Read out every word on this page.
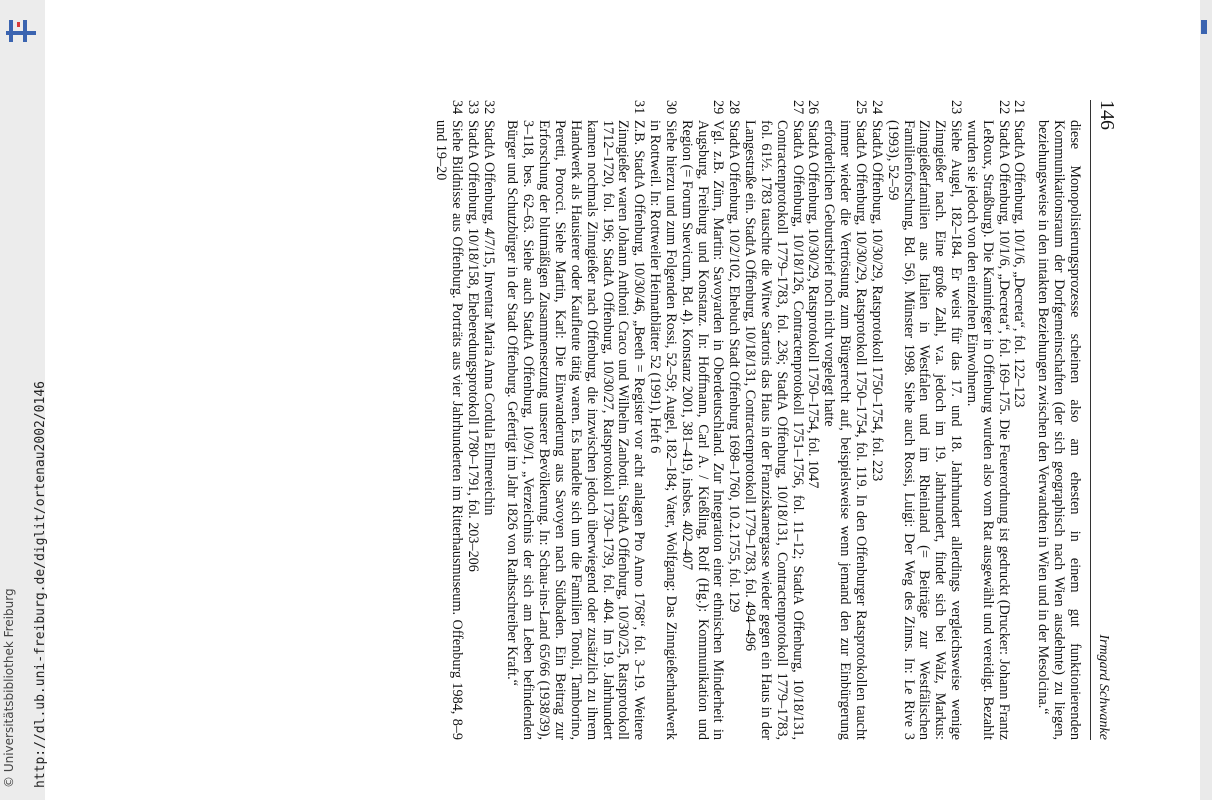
© Universitätsbibliothek Freiburg http://dl.ub.uni-freiburg.de/diglit/ortenau2002/0146
146
Irmgard Schwanke
diese Monopolisierungsprozesse scheinen also am ehesten in einem gut funktionierenden Kommunikationsraum der Dorfgemeinschaften (der sich geographisch nach Wien ausdehnte) zu liegen, beziehungsweise in den intakten Beziehungen zwischen den Verwandten in Wien und in der Mesolcina.“
21
StadtA Offenburg, 10/1/6, „Decreta“, fol. 122–123
22
StadtA Offenburg, 10/1/6, „Decreta“, fol. 169–175. Die Feuerordnung ist gedruckt (Drucker: Johann Frantz LeRoux, Straßburg). Die Kaminfeger in Offenburg wurden also vom Rat ausgewählt und vereidigt. Bezahlt wurden sie jedoch von den einzelnen Einwohnern.
23
Siehe Augel, 182–184. Er weist für das 17. und 18. Jahrhundert allerdings vergleichsweise wenige Zinngießer nach. Eine große Zahl, v.a. jedoch im 19. Jahrhundert, findet sich bei Walz, Markus: Zinngießerfamilien aus Italien in Westfalen und im Rheinland (= Beiträge zur Westfälischen Familienforschung, Bd. 56). Münster 1998. Siehe auch Rossi, Luigi: Der Weg des Zinns. In: Le Rive 3 (1993), 52–59
24
StadtA Offenburg, 10/30/29, Ratsprotokoll 1750–1754, fol. 223
25
StadtA Offenburg, 10/30/29, Ratsprotokoll 1750–1754, fol. 119. In den Offenburger Ratsprotokollen taucht immer wieder die Vertröstung zum Bürgerrecht auf, beispielsweise wenn jemand den zur Einbürgerung erforderlichen Geburtsbrief noch nicht vorgelegt hatte
26
StadtA Offenburg, 10/30/29, Ratsprotokoll 1750–1754, fol. 1047
27
StadtA Offenburg, 10/18/126, Contractenprotokoll 1751–1756, fol. 11–12; StadtA Offenburg, 10/18/131, Contractenprotokoll 1779–1783, fol. 236; StadtA Offenburg, 10/18/131, Contractenprotokoll 1779–1783, fol. 61½. 1783 tauschte die Witwe Sartoris das Haus in der Franziskanergasse wieder gegen ein Haus in der Langestraße ein. StadtA Offenburg, 10/18/131, Contractenprotokoll 1779–1783, fol. 494–496
28
StadtA Offenburg, 10/2/102, Ehebuch Stadt Offenburg 1698–1760, 10.2.1755, fol. 129
29
Vgl. z.B. Zürn, Martin: Savoyarden in Oberdeutschland. Zur Integration einer ethnischen Minderheit in Augsburg, Freiburg und Konstanz. In: Hoffmann, Carl A. / Kießling, Rolf (Hg.): Kommunikation und Region (= Forum Suevicum, Bd. 4). Konstanz 2001, 381–419, insbes. 402–407
30
Siehe hierzu und zum Folgenden Rossi, 52–59; Augel, 182–184; Vater, Wolfgang: Das Zinngießerhandwerk in Rottweil. In: Rottweiler Heimatblätter 52 (1991), Heft 6
31
Z.B. StadtA Offenburg, 10/30/46, „Beeth = Register vor acht anlagen Pro Anno 1768“, fol. 3–19. Weitere Zinngießer waren Johann Anthoni Craco und Wilhelm Zanbotti. StadtA Offenburg, 10/30/25, Ratsprotokoll 1712–1720, fol. 196; StadtA Offenburg, 10/30/27, Ratsprotokoll 1730–1739, fol. 404. Im 19. Jahrhundert kamen nochmals Zinngießer nach Offenburg, die inzwischen jedoch überwiegend oder zusätzlich zu ihrem Handwerk als Hausierer oder Kaufleute tätig waren. Es handelte sich um die Familien Tonoli, Tamborino, Peretti, Porocci. Siehe Martin, Karl: Die Einwanderung aus Savoyen nach Südbaden. Ein Beitrag zur Erforschung der blutmäßigen Zusammensetzung unserer Bevölkerung. In: Schau-ins-Land 65/66 (1938/39), 3–118, bes. 62–63. Siehe auch StadtA Offenburg, 10/9/1, „Verzeichnis der sich am Leben befindenden Bürger und Schutzbürger in der Stadt Offenburg. Gefertigt im Jahr 1826 von Rathsschreiber Kraft.“
32
StadtA Offenburg, 4/7/15, Inventar Maria Anna Cordula Ellmereichin
33
StadtA Offenburg, 10/18/158, Eheberedungsprotokoll 1780–1791, fol. 203–206
34
Siehe Bildnisse aus Offenburg. Porträts aus vier Jahrhunderten im Ritterhausmuseum. Offenburg 1984, 8–9 und 19–20
